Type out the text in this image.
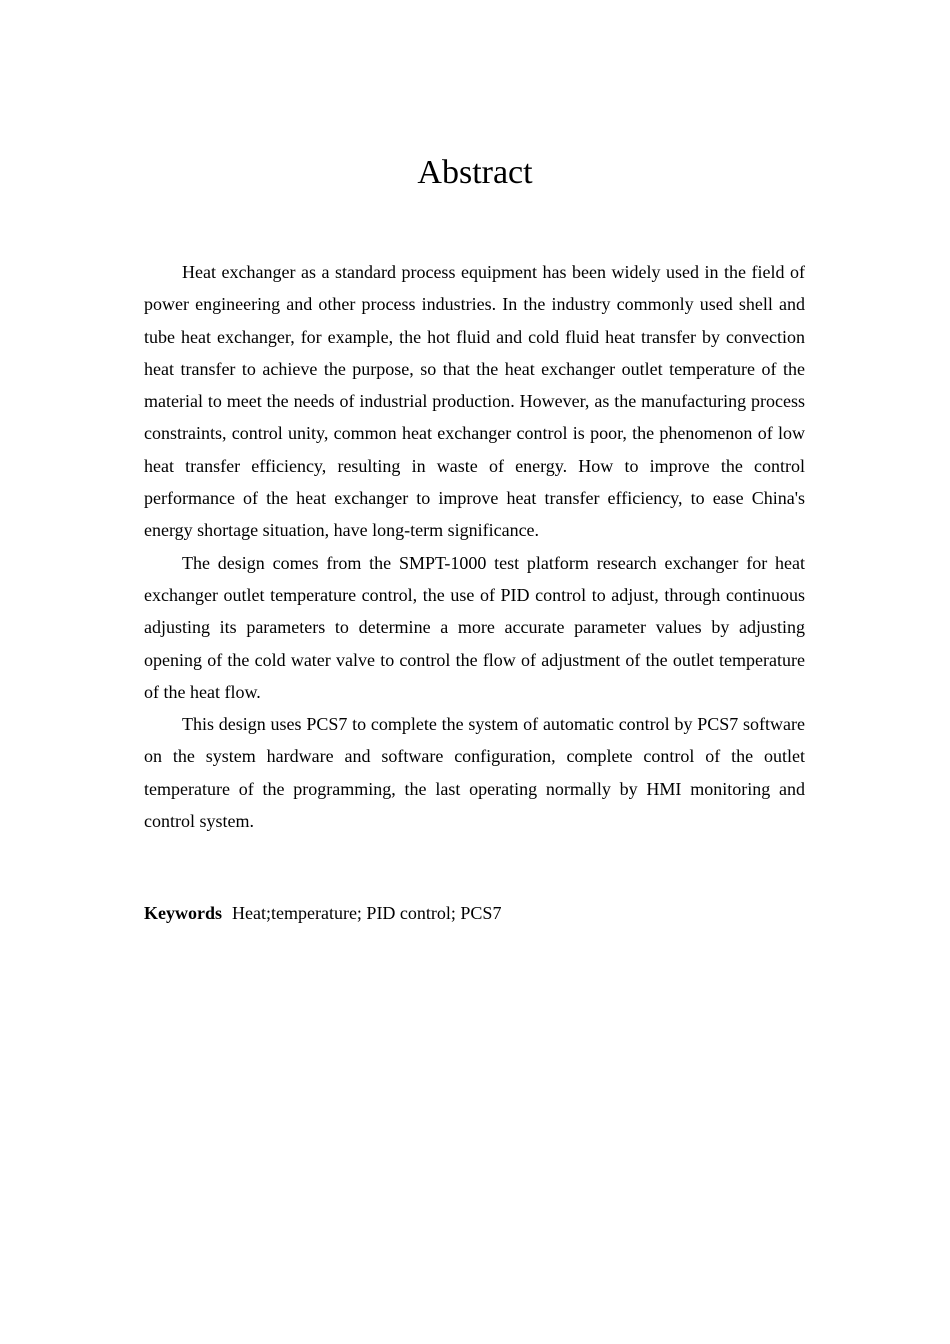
Abstract

Heat exchanger as a standard process equipment has been widely used in the field of power engineering and other process industries. In the industry commonly used shell and tube heat exchanger, for example, the hot fluid and cold fluid heat transfer by convection heat transfer to achieve the purpose, so that the heat exchanger outlet temperature of the material to meet the needs of industrial production. However, as the manufacturing process constraints, control unity, common heat exchanger control is poor, the phenomenon of low heat transfer efficiency, resulting in waste of energy. How to improve the control performance of the heat exchanger to improve heat transfer efficiency, to ease China's energy shortage situation, have long-term significance.

The design comes from the SMPT-1000 test platform research exchanger for heat exchanger outlet temperature control, the use of PID control to adjust, through continuous adjusting its parameters to determine a more accurate parameter values by adjusting opening of the cold water valve to control the flow of adjustment of the outlet temperature of the heat flow.

This design uses PCS7 to complete the system of automatic control by PCS7 software on the system hardware and software configuration, complete control of the outlet temperature of the programming, the last operating normally by HMI monitoring and control system.

Keywords Heat;temperature; PID control; PCS7
